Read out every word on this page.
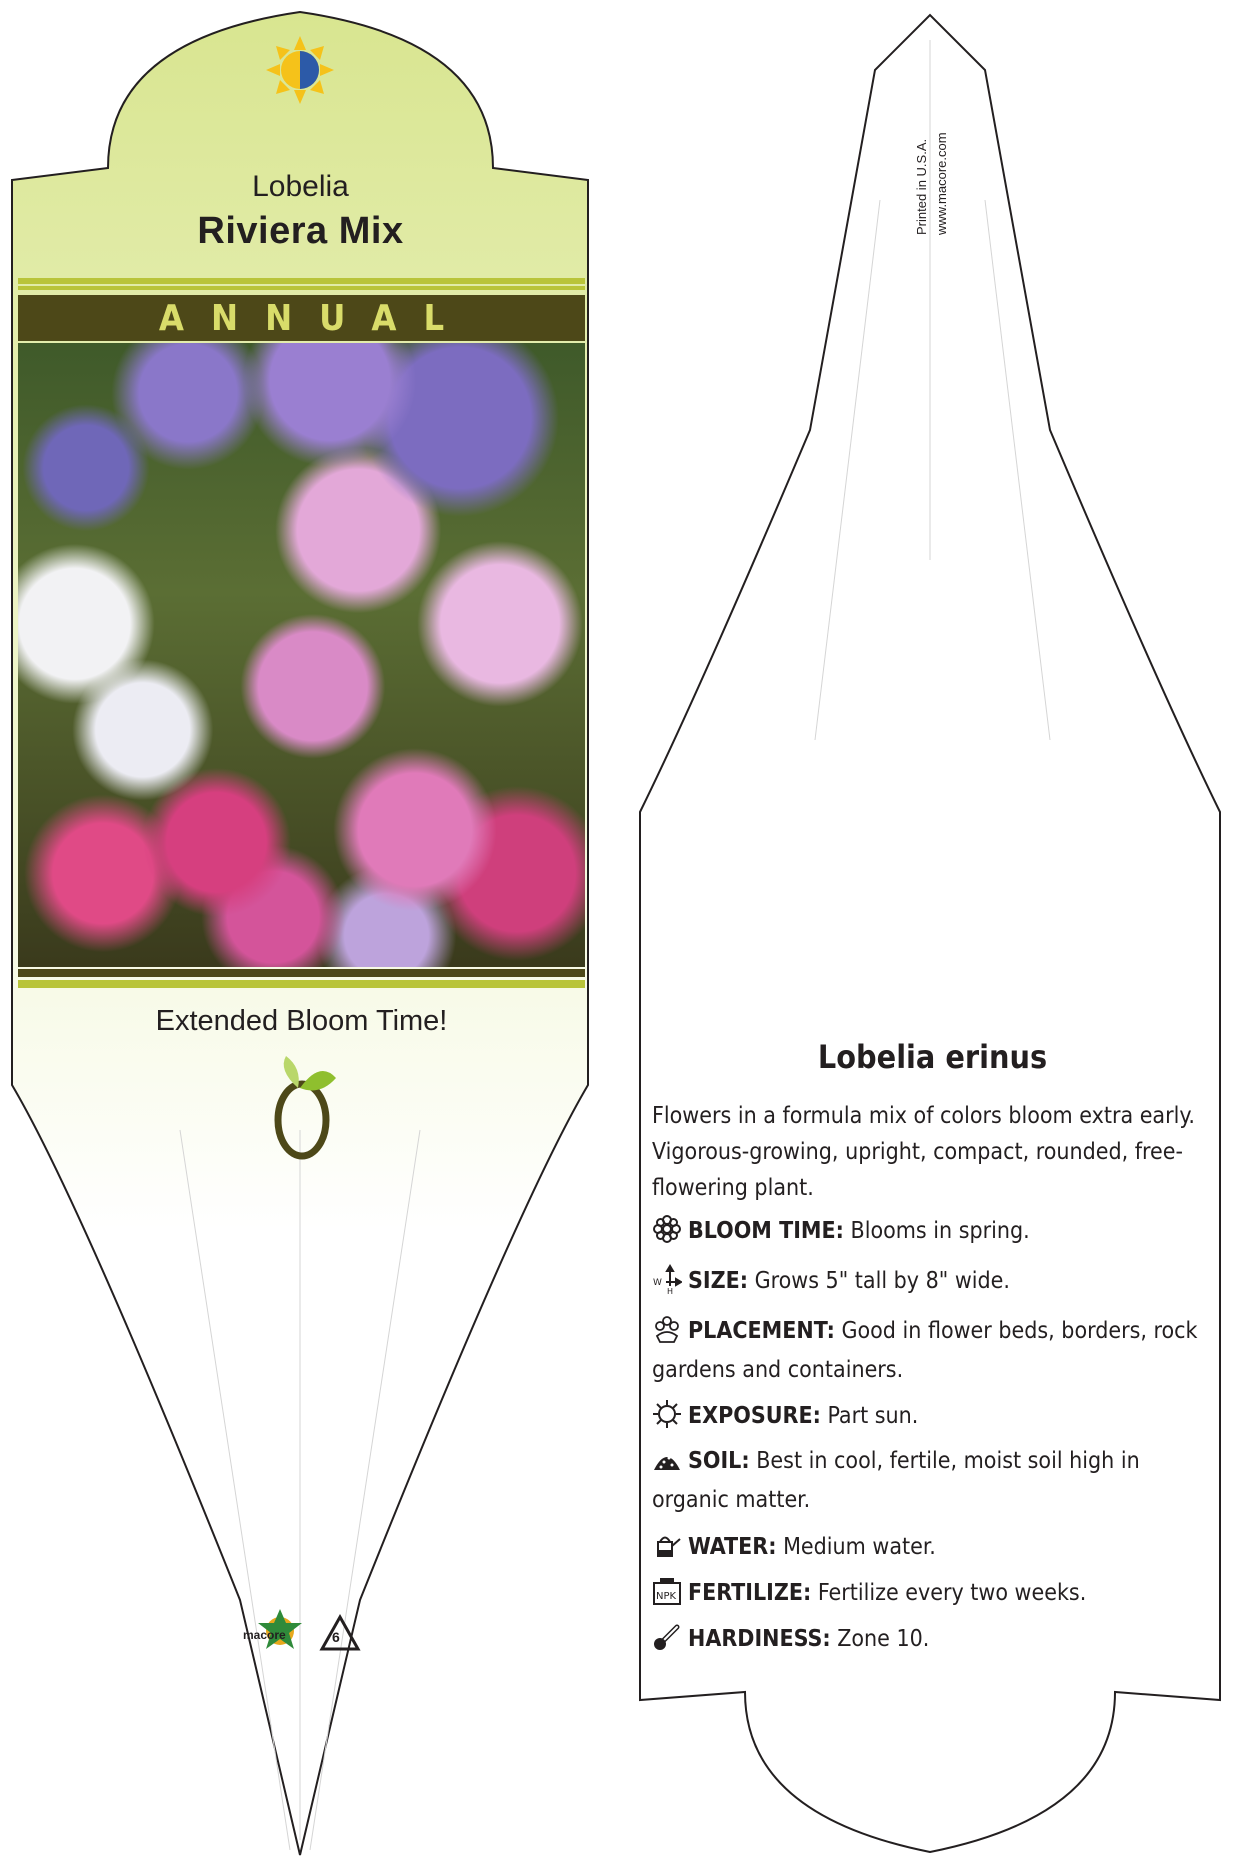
Lobelia
Riviera Mix
ANNUAL
Extended Bloom Time!
macore	6
Printed in U.S.A. www.macore.com
Lobelia erinus
Flowers in a formula mix of colors bloom extra early. Vigorous-growing, upright, compact, rounded, free-flowering plant.
BLOOM TIME: Blooms in spring.
W
H SIZE: Grows 5" tall by 8" wide.
PLACEMENT: Good in flower beds, borders, rock gardens and containers.
EXPOSURE: Part sun.
SOIL: Best in cool, fertile, moist soil high in organic matter.
WATER: Medium water.
NPK FERTILIZE: Fertilize every two weeks.
HARDINESS: Zone 10.
